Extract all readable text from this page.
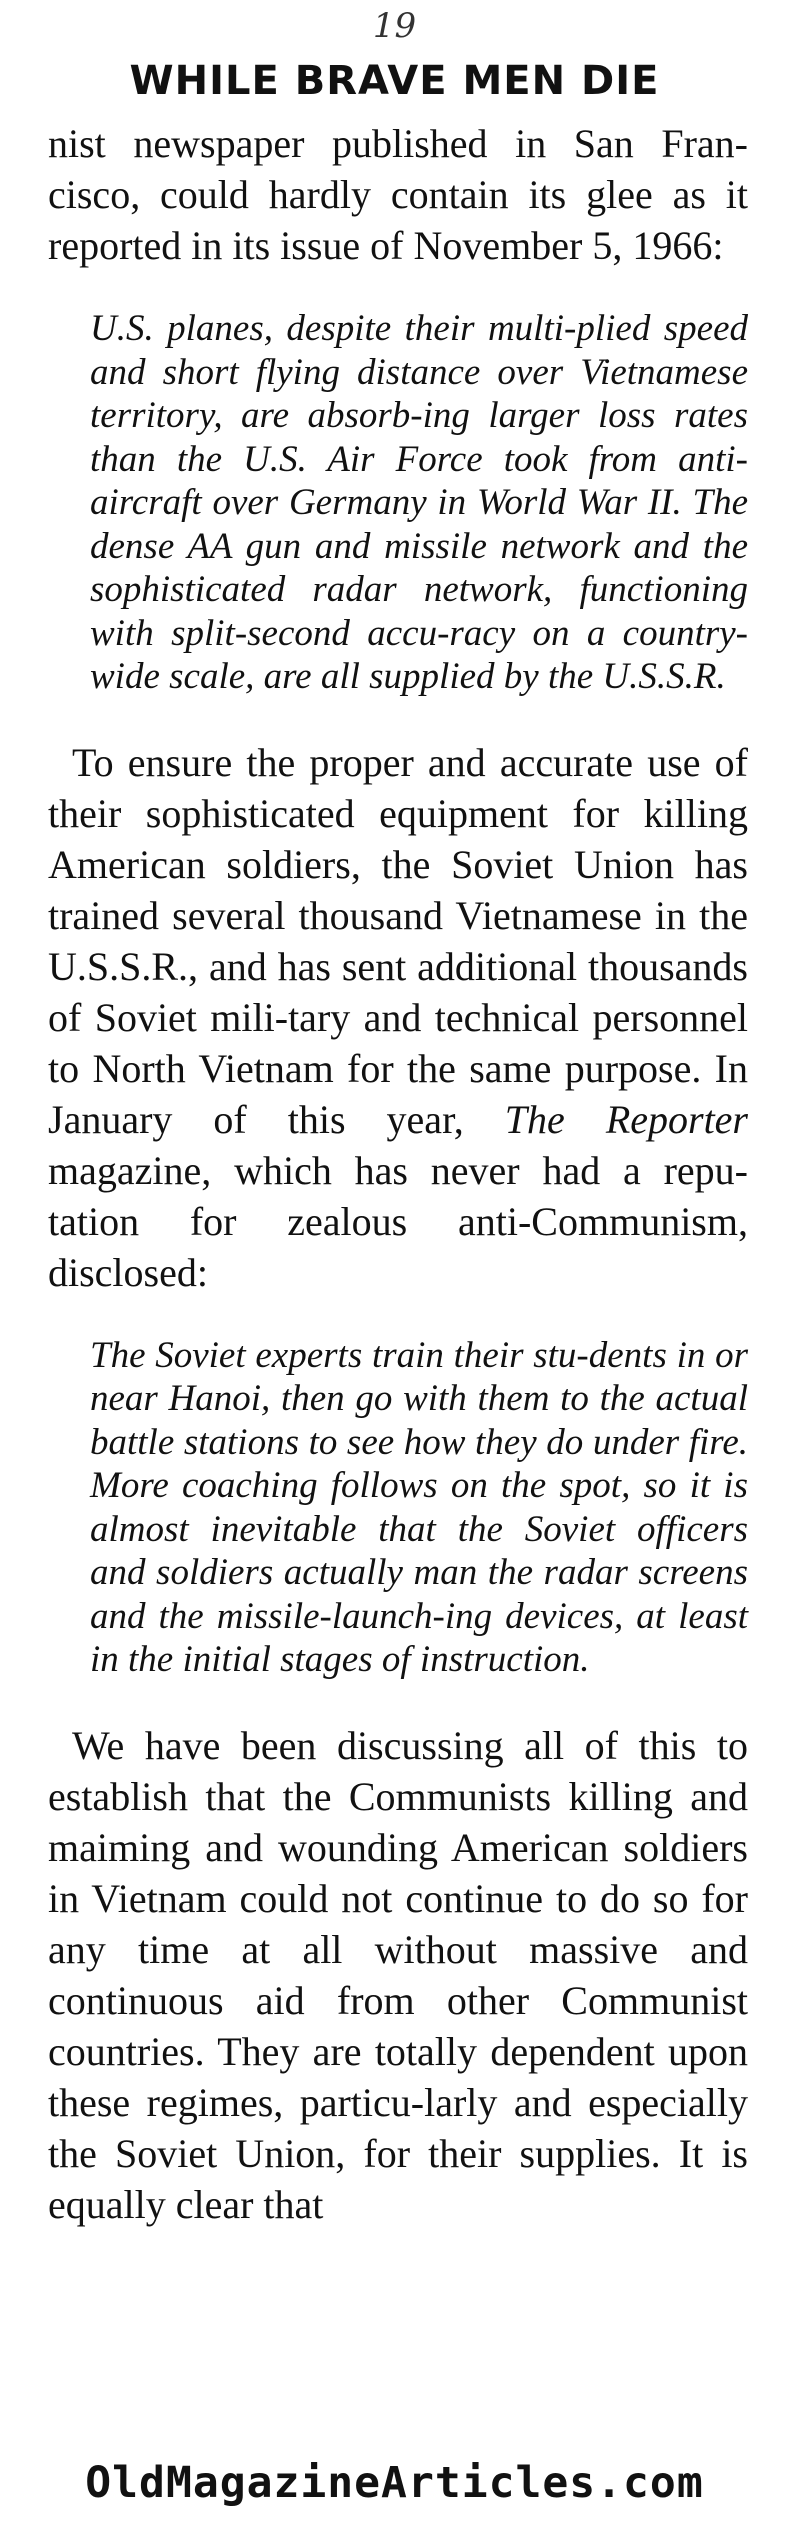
19
WHILE BRAVE MEN DIE

nist newspaper published in San Fran-cisco, could hardly contain its glee as it reported in its issue of November 5, 1966:

U.S. planes, despite their multi-plied speed and short flying distance over Vietnamese territory, are absorb-ing larger loss rates than the U.S. Air Force took from anti-aircraft over Germany in World War II. The dense AA gun and missile network and the sophisticated radar network, functioning with split-second accu-racy on a country-wide scale, are all supplied by the U.S.S.R.

To ensure the proper and accurate use of their sophisticated equipment for killing American soldiers, the Soviet Union has trained several thousand Vietnamese in the U.S.S.R., and has sent additional thousands of Soviet mili-tary and technical personnel to North Vietnam for the same purpose. In January of this year, The Reporter magazine, which has never had a repu-tation for zealous anti-Communism, disclosed:

The Soviet experts train their stu-dents in or near Hanoi, then go with them to the actual battle stations to see how they do under fire. More coaching follows on the spot, so it is almost inevitable that the Soviet officers and soldiers actually man the radar screens and the missile-launch-ing devices, at least in the initial stages of instruction.

We have been discussing all of this to establish that the Communists killing and maiming and wounding American soldiers in Vietnam could not continue to do so for any time at all without massive and continuous aid from other Communist countries. They are totally dependent upon these regimes, particu-larly and especially the Soviet Union, for their supplies. It is equally clear that

OldMagazineArticles.com
